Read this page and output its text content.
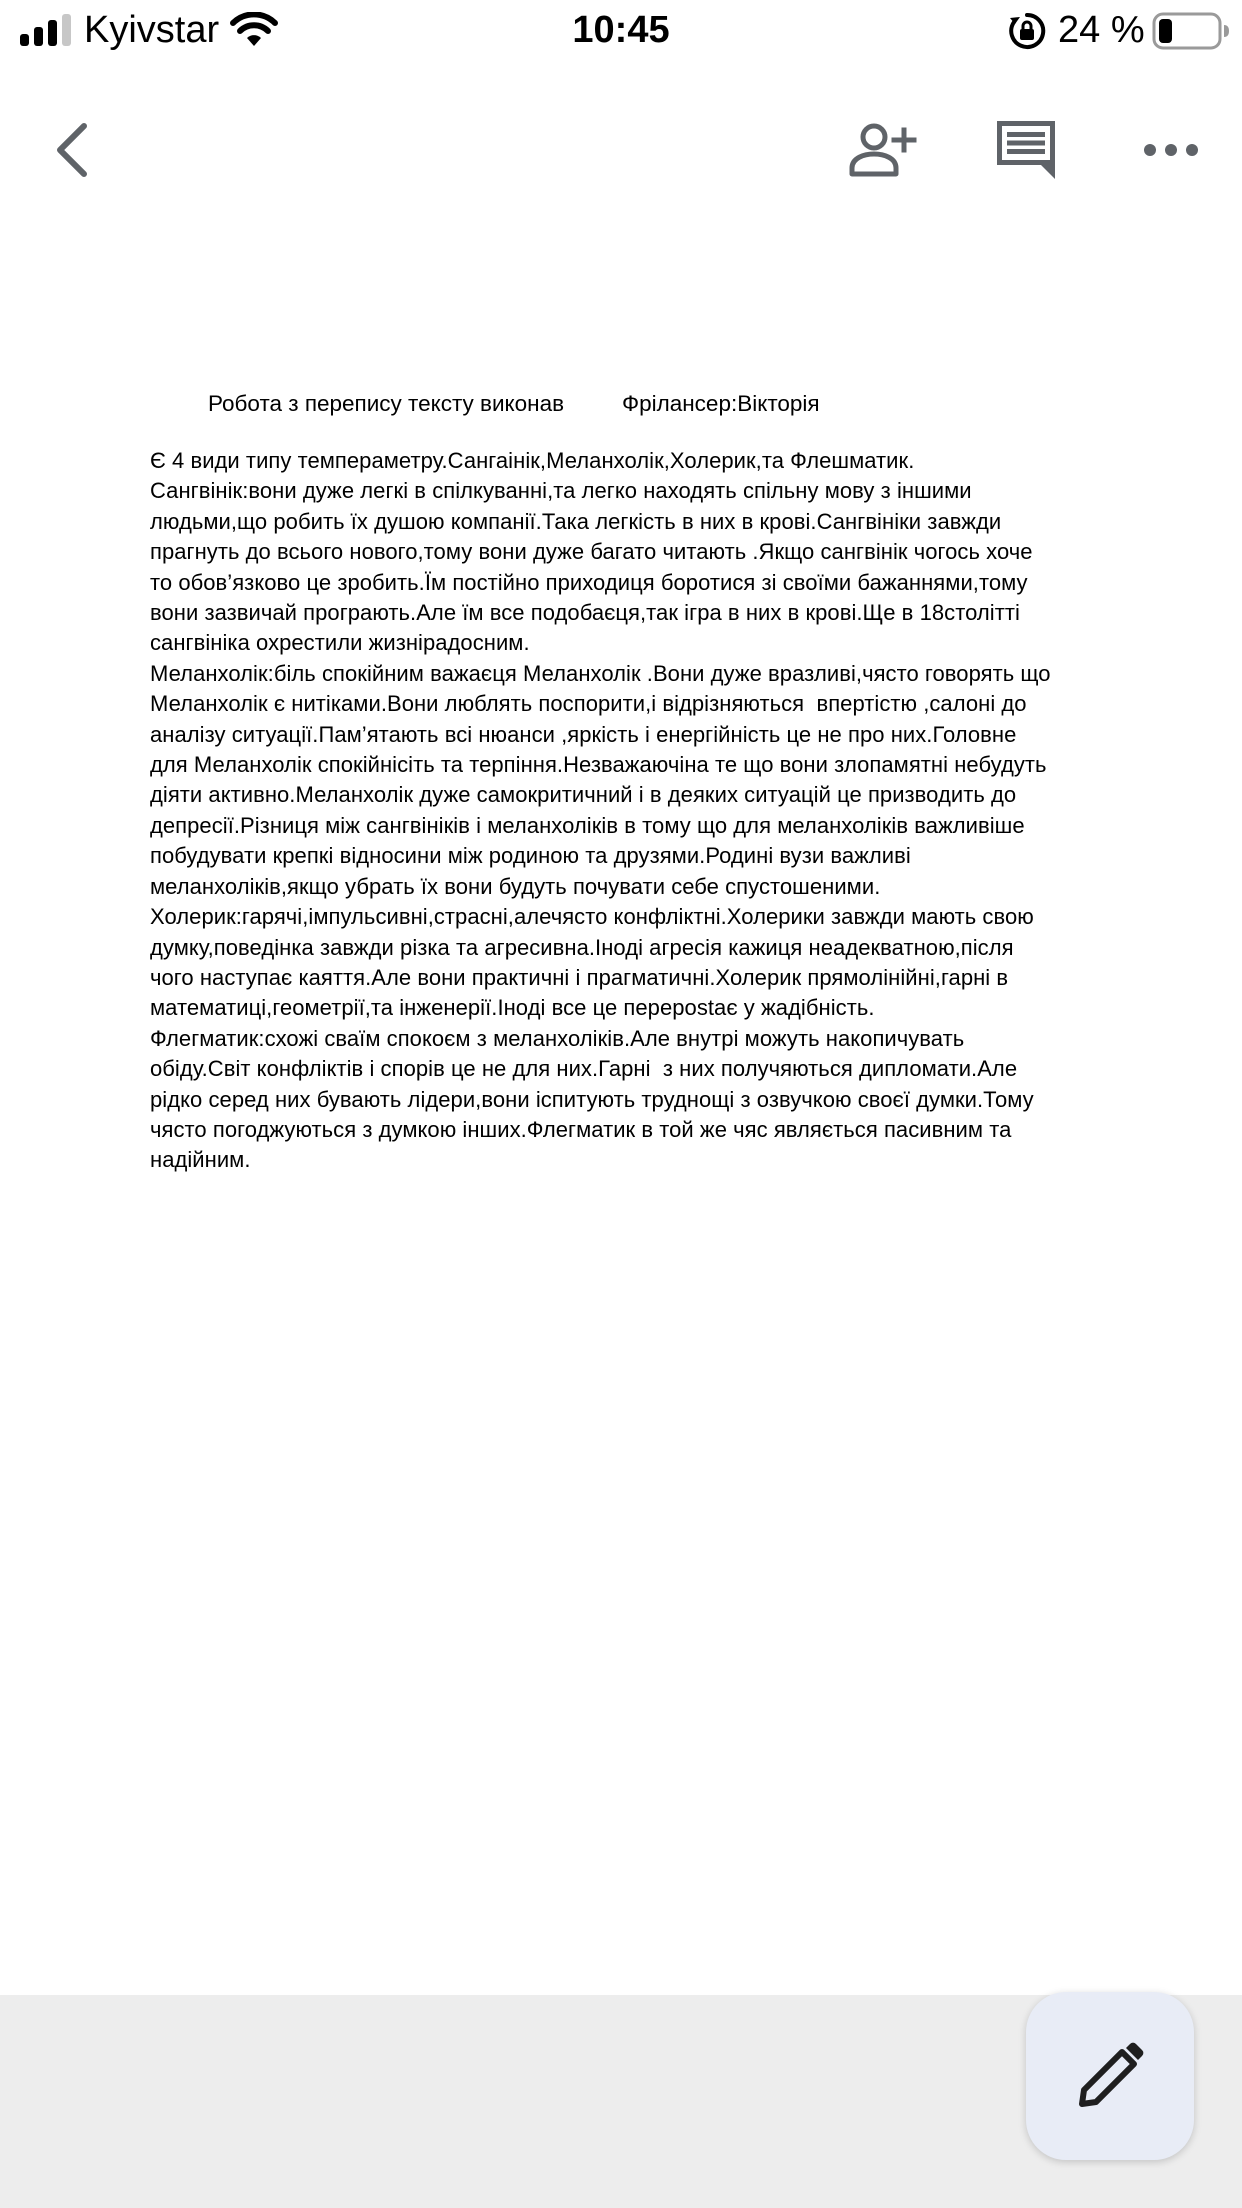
Kyivstar	10:45	24 %
Робота з перепису тексту виконав	Фрілансер:Вікторія

Є 4 види типу темпераметру.Сангаінік,Меланхолік,Холерик,та Флешматик.

Сангвінік:вони дуже легкі в спілкуванні,та легко находять спільну мову з іншими

людьми,що робить їх душою компанії.Така легкість в них в крові.Сангвініки завжди

прагнуть до всього нового,тому вони дуже багато читають .Якщо сангвінік чогось хоче

то обов’язково це зробить.Їм постійно приходиця боротися зі своїми бажаннями,тому

вони зазвичай програють.Але їм все подобаєця,так ігра в них в крові.Ще в 18столітті

сангвініка охрестили жизнірадосним.

Меланхолік:біль спокійним важаєця Меланхолік .Вони дуже вразливі,чясто говорять що

Меланхолік є нитіками.Вони люблять поспорити,і відрізняються  впертістю ,салоні до

аналізу ситуації.Пам’ятають всі нюанси ,яркість і енергійність це не про них.Головне

для Меланхолік спокійнісіть та терпіння.Незважаючіна те що вони злопамятні небудуть

діяти активно.Меланхолік дуже самокритичний і в деяких ситуацій це призводить до

депресії.Різниця між сангвініків і меланхоліків в тому що для меланхоліків важливіше

побудувати крепкі відносини між родиною та друзями.Родині вузи важливі

меланхоліків,якщо убрать їх вони будуть почувати себе спустошеними.

Холерик:гарячі,імпульсивні,страсні,алечясто конфліктні.Холерики завжди мають свою

думку,поведінка завжди різка та агресивна.Іноді агресія кажиця неадекватною,після

чого наступає каяття.Але вони практичні і прагматичні.Холерик прямолінійні,гарні в

математиці,геометрії,та інженерії.Іноді все це перерostає у жадібність.

Флегматик:схожі сваїм спокоєм з меланхоліків.Але внутрі можуть накопичувать

обіду.Світ конфліктів і спорів це не для них.Гарні  з них получяються дипломати.Але

рідко серед них бувають лідери,вони іспитують труднощі з озвучкою своєї думки.Тому

чясто погоджуються з думкою інших.Флегматик в той же чяс являється пасивним та

надійним.
